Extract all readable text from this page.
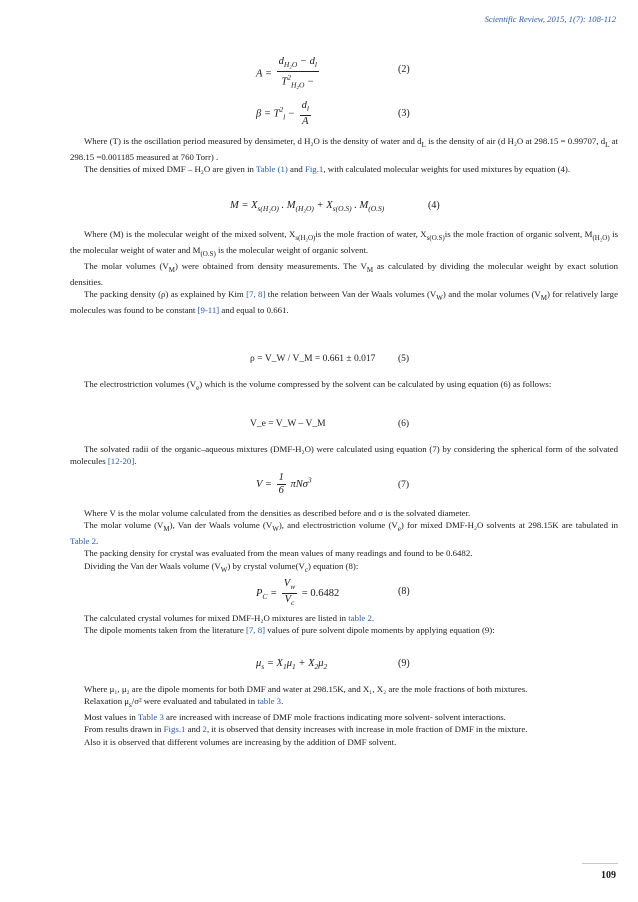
Scientific Review, 2015, 1(7): 108-112
$A = \frac{d_{H_2O} - d_l}{T^2_{H_2O} -}$	(2)
$\beta = T^2_l - \frac{d_l}{A}$	(3)

Where (T) is the oscillation period measured by densimeter, d H₂O is the density of water and $d_L$ is the density of air (d H₂O at 298.15 = 0.99707, $d_L$ at 298.15 =0.001185 measured at 760 Torr) .

The densities of mixed DMF – H₂O are given in Table (1) and Fig.1, with calculated molecular weights for used mixtures by equation (4).

$M = X_{s(H_2O)}$ . $M_{(H_2O)} + X_{s(O.S)}$ . $M_{(O.S)}$	(4)

Where (M) is the molecular weight of the mixed solvent, $X_{s(H_2O)}is$ the mole fraction of water, $X_{s(O.S)}is$ the mole fraction of organic solvent, $M_{(H_2O)}$ is the molecular weight of water and $M_{(O.S)}$ is the molecular weight of organic solvent.

The molar volumes $(V_M)$ were obtained from density measurements. The $V_M$ as calculated by dividing the molecular weight by exact solution densities.

The packing density (ρ) as explained by Kim [7, 8] the relation between Van der Waals volumes $(V_W)$ and the molar volumes $(V_M)$ for relatively large molecules was found to be constant [9-11] and equal to 0.661.

ρ = V_W / V_M = 0.661 ± 0.017 (5)

The electrostriction volumes $(V_e)$ which is the volume compressed by the solvent can be calculated by using equation (6) as follows:

V_e = V_W – V_M	(6)

The solvated radii of the organic–aqueous mixtures (DMF-H₂O) were calculated using equation (7) by considering the spherical form of the solvated molecules [12-20].

$V = \frac{1}{6} \pi N\sigma^3$
(7)

Where V is the molar volume calculated from the densities as described before and σ is the solvated diameter.

The molar volume $(V_M)$, Van der Waals volume $(V_W)$, and electrostriction volume $(V_e)$ for mixed DMF-H₂O solvents at 298.15K are tabulated in Table 2.

The packing density for crystal was evaluated from the mean values of many readings and found to be 0.6482.

Dividing the Van der Waals volume $(V_W)$ by crystal $volume(V_c)$ equation (8):

$P_C = \frac{V_w}{V_c} = 0.6482$	(8)

The calculated crystal volumes for mixed DMF-H₂O mixtures are listed in table 2.

The dipole moments taken from the literature [7, 8] values of pure solvent dipole moments by applying equation (9):

$\mu_s = X_1\mu_1 + X_2\mu_2$	(9)

Where μ₁, μ₂ are the dipole moments for both DMF and water at 298.15K, and X₁, X₂ are the mole fractions of both mixtures.

Relaxation $\mu_s/\sigma^2$ were evaluated and tabulated in table 3.

Most values in Table 3 are increased with increase of DMF mole fractions indicating more solvent- solvent interactions.

From results drawn in Figs.1 and 2, it is observed that density increases with increase in mole fraction of DMF in the mixture.

Also it is observed that different volumes are increasing by the addition of DMF solvent.

109
